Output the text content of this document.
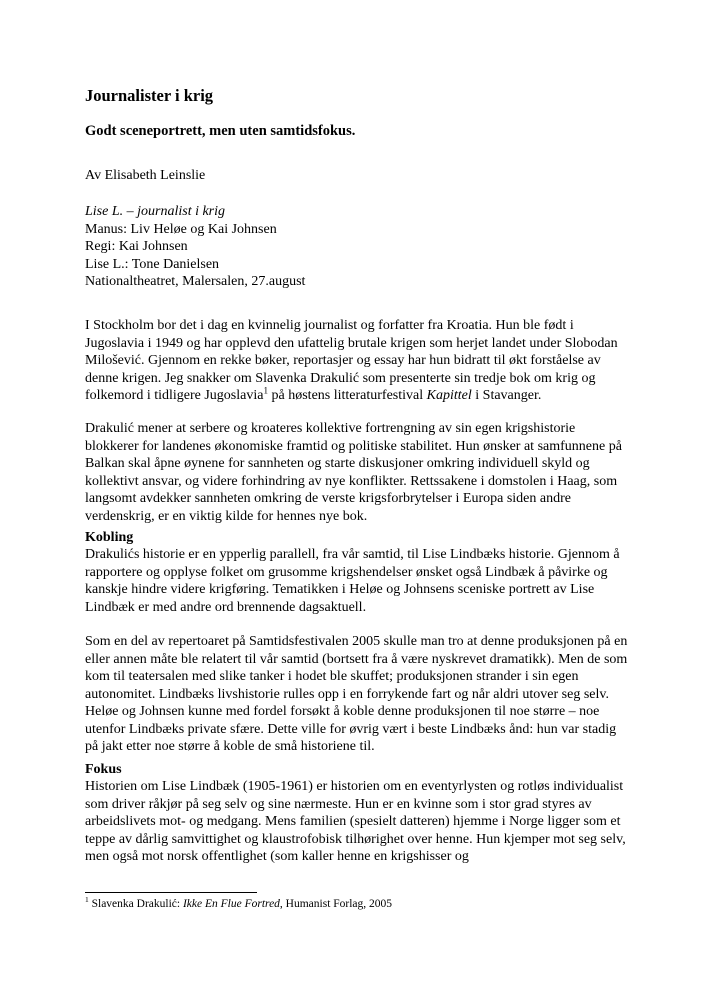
Journalister i krig
Godt sceneportrett, men uten samtidsfokus.
Av Elisabeth Leinslie
Lise L. – journalist i krig
Manus: Liv Heløe og Kai Johnsen
Regi: Kai Johnsen
Lise L.: Tone Danielsen
Nationaltheatret, Malersalen, 27.august
I Stockholm bor det i dag en kvinnelig journalist og forfatter fra Kroatia. Hun ble født i Jugoslavia i 1949 og har opplevd den ufattelig brutale krigen som herjet landet under Slobodan Milošević. Gjennom en rekke bøker, reportasjer og essay har hun bidratt til økt forståelse av denne krigen. Jeg snakker om Slavenka Drakulić som presenterte sin tredje bok om krig og folkemord i tidligere Jugoslavia$^1$ på høstens litteraturfestival Kapittel i Stavanger.
Drakulić mener at serbere og kroateres kollektive fortrengning av sin egen krigshistorie blokkerer for landenes økonomiske framtid og politiske stabilitet. Hun ønsker at samfunnene på Balkan skal åpne øynene for sannheten og starte diskusjoner omkring individuell skyld og kollektivt ansvar, og videre forhindring av nye konflikter. Rettssakene i domstolen i Haag, som langsomt avdekker sannheten omkring de verste krigsforbrytelser i Europa siden andre verdenskrig, er en viktig kilde for hennes nye bok.
Kobling
Drakulićs historie er en ypperlig parallell, fra vår samtid, til Lise Lindbæks historie. Gjennom å rapportere og opplyse folket om grusomme krigshendelser ønsket også Lindbæk å påvirke og kanskje hindre videre krigføring. Tematikken i Heløe og Johnsens sceniske portrett av Lise Lindbæk er med andre ord brennende dagsaktuell.
Som en del av repertoaret på Samtidsfestivalen 2005 skulle man tro at denne produksjonen på en eller annen måte ble relatert til vår samtid (bortsett fra å være nyskrevet dramatikk). Men de som kom til teatersalen med slike tanker i hodet ble skuffet; produksjonen strander i sin egen autonomitet. Lindbæks livshistorie rulles opp i en forrykende fart og når aldri utover seg selv. Heløe og Johnsen kunne med fordel forsøkt å koble denne produksjonen til noe større – noe utenfor Lindbæks private sfære. Dette ville for øvrig vært i beste Lindbæks ånd: hun var stadig på jakt etter noe større å koble de små historiene til.
Fokus
Historien om Lise Lindbæk (1905-1961) er historien om en eventyrlysten og rotløs individualist som driver råkjør på seg selv og sine nærmeste. Hun er en kvinne som i stor grad styres av arbeidslivets mot- og medgang. Mens familien (spesielt datteren) hjemme i Norge ligger som et teppe av dårlig samvittighet og klaustrofobisk tilhørighet over henne. Hun kjemper mot seg selv, men også mot norsk offentlighet (som kaller henne en krigshisser og
$^1$ Slavenka Drakulić: Ikke En Flue Fortred, Humanist Forlag, 2005
